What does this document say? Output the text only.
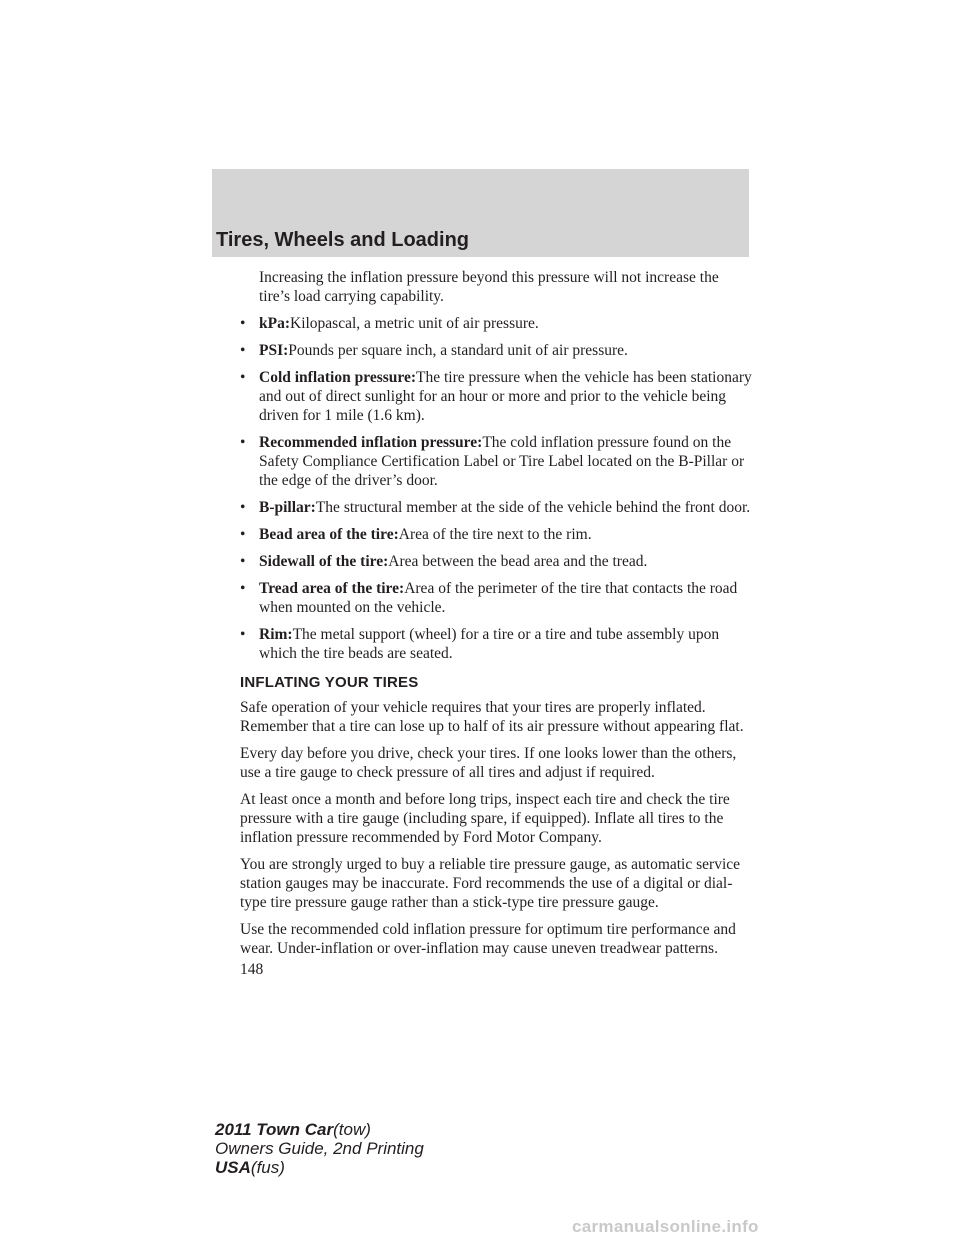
Tires, Wheels and Loading

Increasing the inflation pressure beyond this pressure will not increase the tire’s load carrying capability.

• kPa:Kilopascal, a metric unit of air pressure.
• PSI:Pounds per square inch, a standard unit of air pressure.
• Cold inflation pressure:The tire pressure when the vehicle has been stationary and out of direct sunlight for an hour or more and prior to the vehicle being driven for 1 mile (1.6 km).
• Recommended inflation pressure:The cold inflation pressure found on the Safety Compliance Certification Label or Tire Label located on the B-Pillar or the edge of the driver’s door.
• B-pillar:The structural member at the side of the vehicle behind the front door.
• Bead area of the tire:Area of the tire next to the rim.
• Sidewall of the tire:Area between the bead area and the tread.
• Tread area of the tire:Area of the perimeter of the tire that contacts the road when mounted on the vehicle.
• Rim:The metal support (wheel) for a tire or a tire and tube assembly upon which the tire beads are seated.
INFLATING YOUR TIRES

Safe operation of your vehicle requires that your tires are properly inflated. Remember that a tire can lose up to half of its air pressure without appearing flat.

Every day before you drive, check your tires. If one looks lower than the others, use a tire gauge to check pressure of all tires and adjust if required.

At least once a month and before long trips, inspect each tire and check the tire pressure with a tire gauge (including spare, if equipped). Inflate all tires to the inflation pressure recommended by Ford Motor Company.

You are strongly urged to buy a reliable tire pressure gauge, as automatic service station gauges may be inaccurate. Ford recommends the use of a digital or dial-type tire pressure gauge rather than a stick-type tire pressure gauge.

Use the recommended cold inflation pressure for optimum tire performance and wear. Under-inflation or over-inflation may cause uneven treadwear patterns.

148
2011 Town Car(tow)
Owners Guide, 2nd Printing
USA(fus)
carmanualsonline.info
